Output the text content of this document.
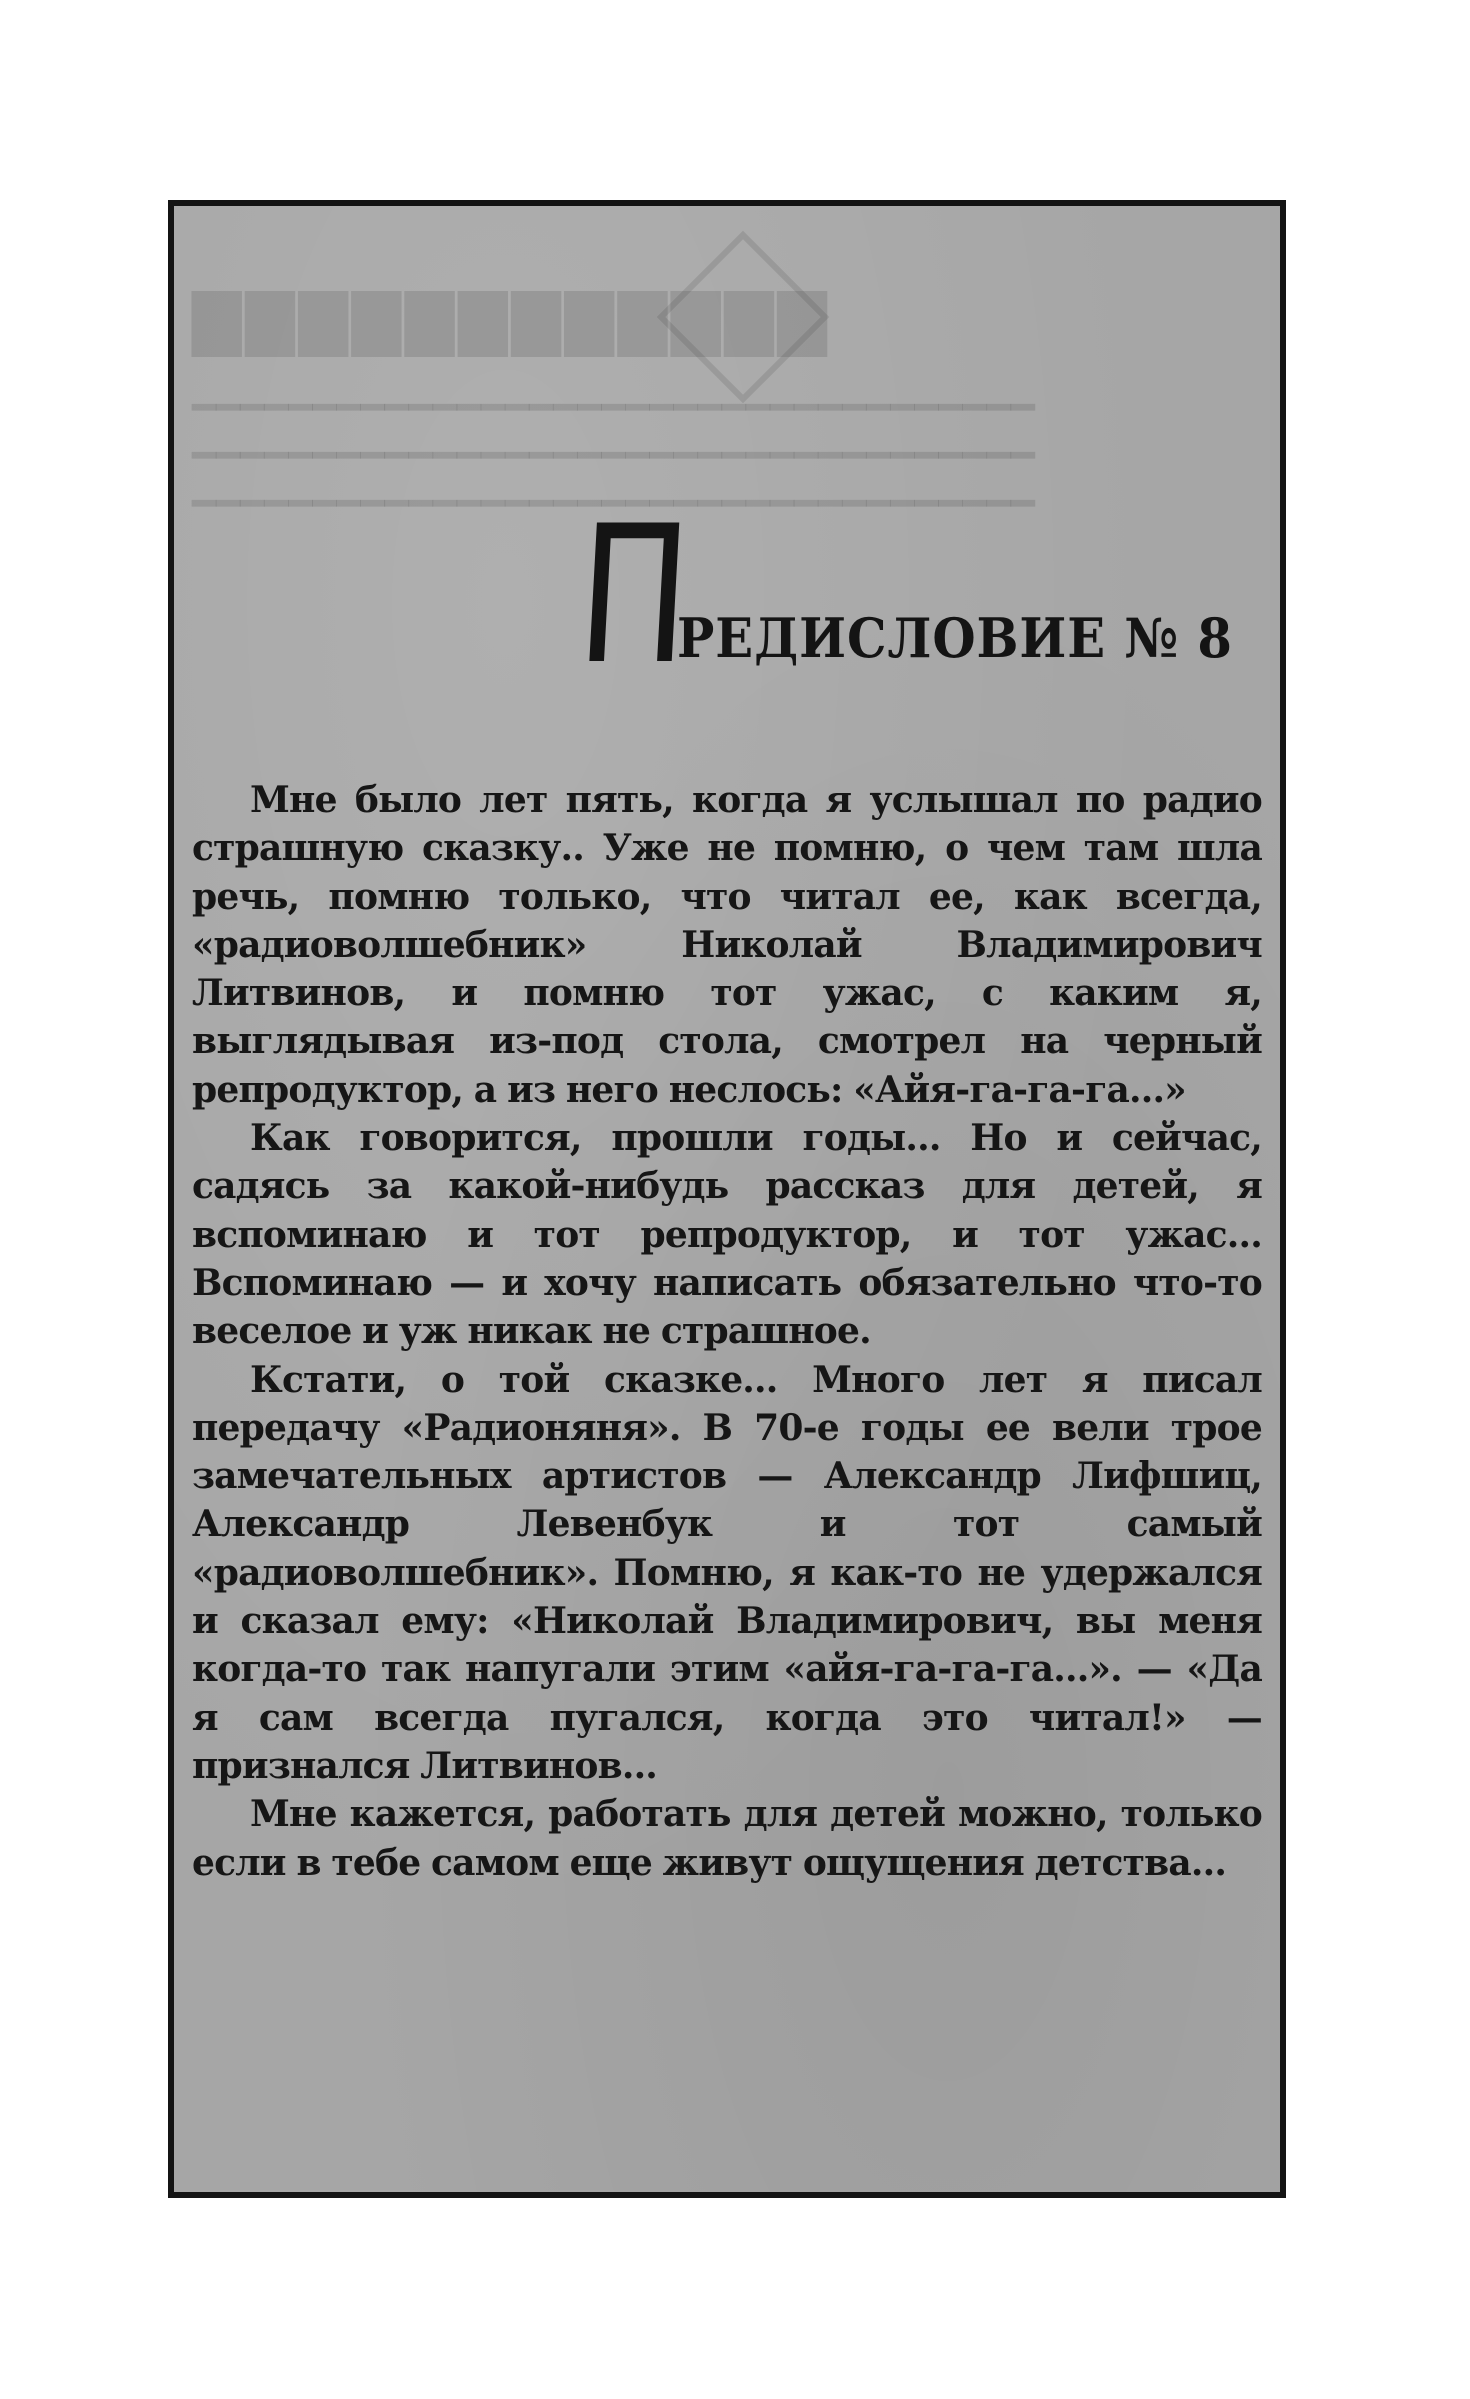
▇▇▇▇▇▇▇▇▇▇▇▇
━━━━━━━━━━━━━━━━━━━━━━━━━━━━━━━━━━━
━━━━━━━━━━━━━━━━━━━━━━━━━━━━━━━━━━━
━━━━━━━━━━━━━━━━━━━━━━━━━━━━━━━━━━━
П
РЕДИСЛОВИЕ № 8

Мне было лет пять, когда я услышал по радио страшную сказку.. Уже не помню, о чем там шла речь, помню только, что читал ее, как всегда, «радиоволшебник» Николай Владимирович Литвинов, и помню тот ужас, с каким я, выглядывая из-под стола, смотрел на черный репродуктор, а из него неслось: «Айя-га-га-га...»

Как говорится, прошли годы... Но и сейчас, садясь за какой-нибудь рассказ для детей, я вспоминаю и тот репродуктор, и тот ужас... Вспоминаю — и хочу написать обязательно что-то веселое и уж никак не страшное.

Кстати, о той сказке... Много лет я писал передачу «Радионяня». В 70-е годы ее вели трое замечательных артистов — Александр Лифшиц, Александр Левенбук и тот самый «радиоволшебник». Помню, я как-то не удержался и сказал ему: «Николай Владимирович, вы меня когда-то так напугали этим «айя-га-га-га...». — «Да я сам всегда пугался, когда это читал!» — признался Литвинов...

Мне кажется, работать для детей можно, только если в тебе самом еще живут ощущения детства...
